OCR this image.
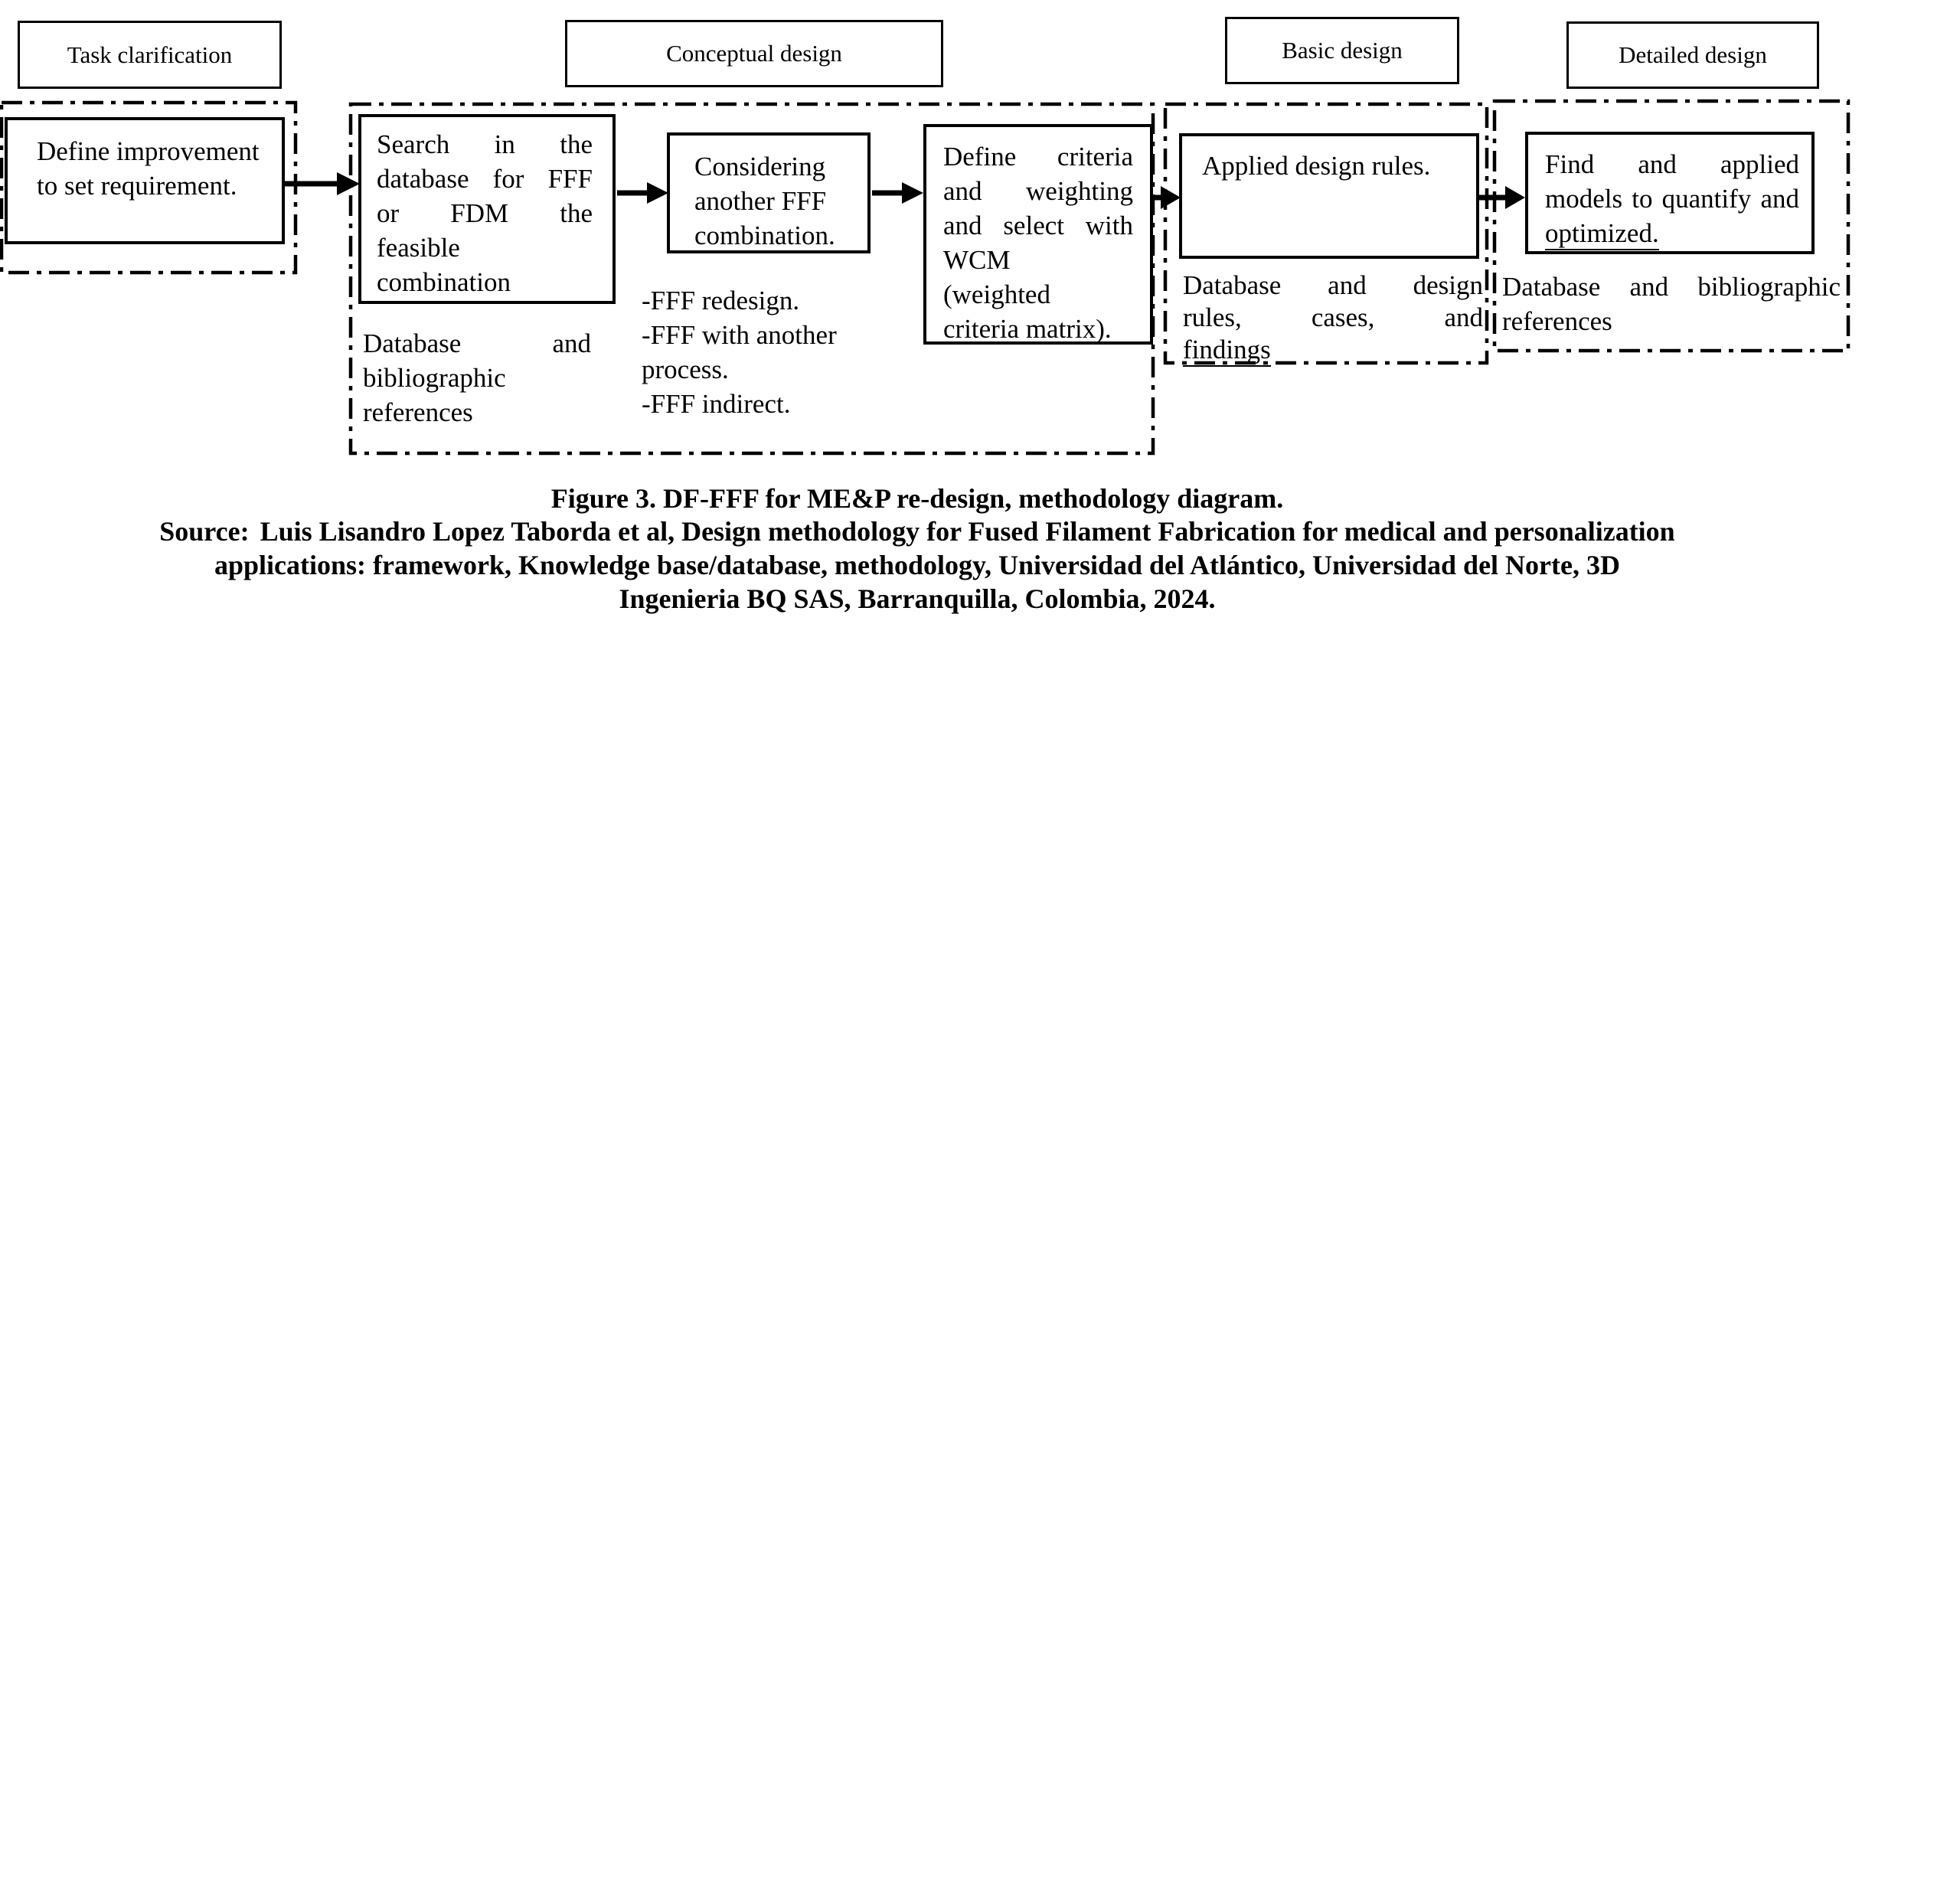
Task clarification	Conceptual design	Basic design	Detailed design
Define improvement
to set requirement.
Search in the
database for FFF
or FDM the
feasible
combination
Considering
another FFF
combination.
Define criteria
and weighting
and select with
WCM
(weighted
criteria matrix).
Applied design rules.	Find and applied
models to quantify and
optimized.
Database and
bibliographic
references
-FFF redesign.
-FFF with another
process.
-FFF indirect.
Database and design
rules, cases, and
findings
Database and bibliographic
references
Figure 3. DF-FFF for ME&P re-design, methodology diagram.
Source: Luis Lisandro Lopez Taborda et al, Design methodology for Fused Filament Fabrication for medical and personalization applications: framework, Knowledge base/database, methodology, Universidad del Atlántico, Universidad del Norte, 3D Ingenieria BQ SAS, Barranquilla, Colombia, 2024.
